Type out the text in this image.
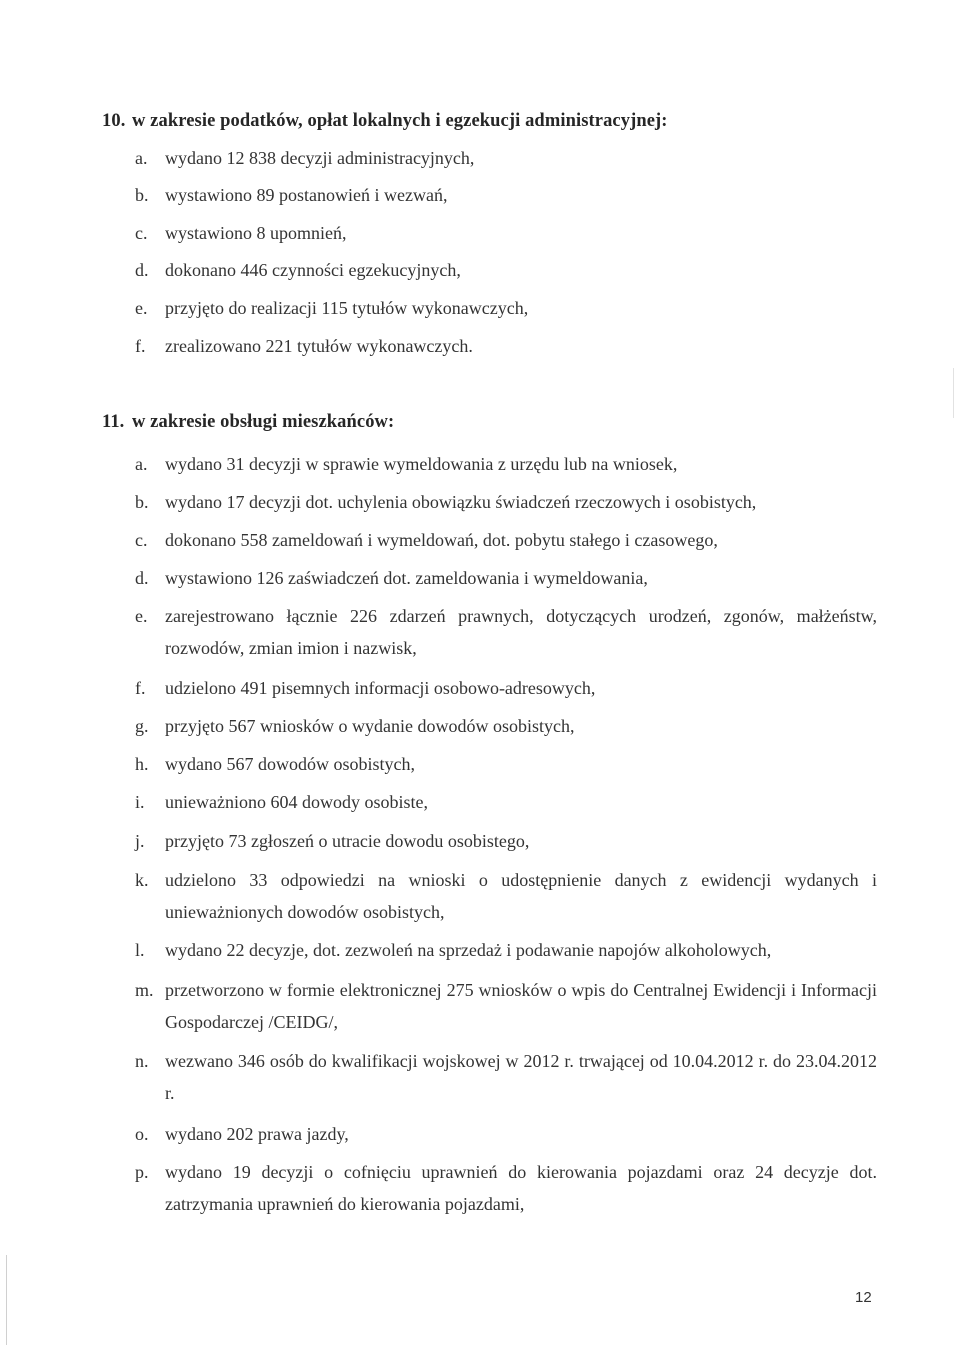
10. w zakresie podatków, opłat lokalnych i egzekucji administracyjnej:
a. wydano 12 838 decyzji administracyjnych,
b. wystawiono 89 postanowień i wezwań,
c. wystawiono 8 upomnień,
d. dokonano 446 czynności egzekucyjnych,
e. przyjęto do realizacji 115 tytułów wykonawczych,
f. zrealizowano 221 tytułów wykonawczych.
11. w zakresie obsługi mieszkańców:
a. wydano 31 decyzji w sprawie wymeldowania z urzędu lub na wniosek,
b. wydano 17 decyzji dot. uchylenia obowiązku świadczeń rzeczowych i osobistych,
c. dokonano 558 zameldowań i wymeldowań, dot. pobytu stałego i czasowego,
d. wystawiono 126 zaświadczeń dot. zameldowania i wymeldowania,
e. zarejestrowano łącznie 226 zdarzeń prawnych, dotyczących urodzeń, zgonów, małżeństw, rozwodów, zmian imion i nazwisk,
f. udzielono 491 pisemnych informacji osobowo-adresowych,
g. przyjęto 567 wniosków o wydanie dowodów osobistych,
h. wydano 567 dowodów osobistych,
i. unieważniono 604 dowody osobiste,
j. przyjęto 73 zgłoszeń o utracie dowodu osobistego,
k. udzielono 33 odpowiedzi na wnioski o udostępnienie danych z ewidencji wydanych i unieważnionych dowodów osobistych,
l. wydano 22 decyzje, dot. zezwoleń na sprzedaż i podawanie napojów alkoholowych,
m. przetworzono w formie elektronicznej 275 wniosków o wpis do Centralnej Ewidencji i Informacji Gospodarczej /CEIDG/,
n. wezwano 346 osób do kwalifikacji wojskowej w 2012 r. trwającej od 10.04.2012 r. do 23.04.2012 r.
o. wydano 202 prawa jazdy,
p. wydano 19 decyzji o cofnięciu uprawnień do kierowania pojazdami oraz 24 decyzje dot. zatrzymania uprawnień do kierowania pojazdami,
12
